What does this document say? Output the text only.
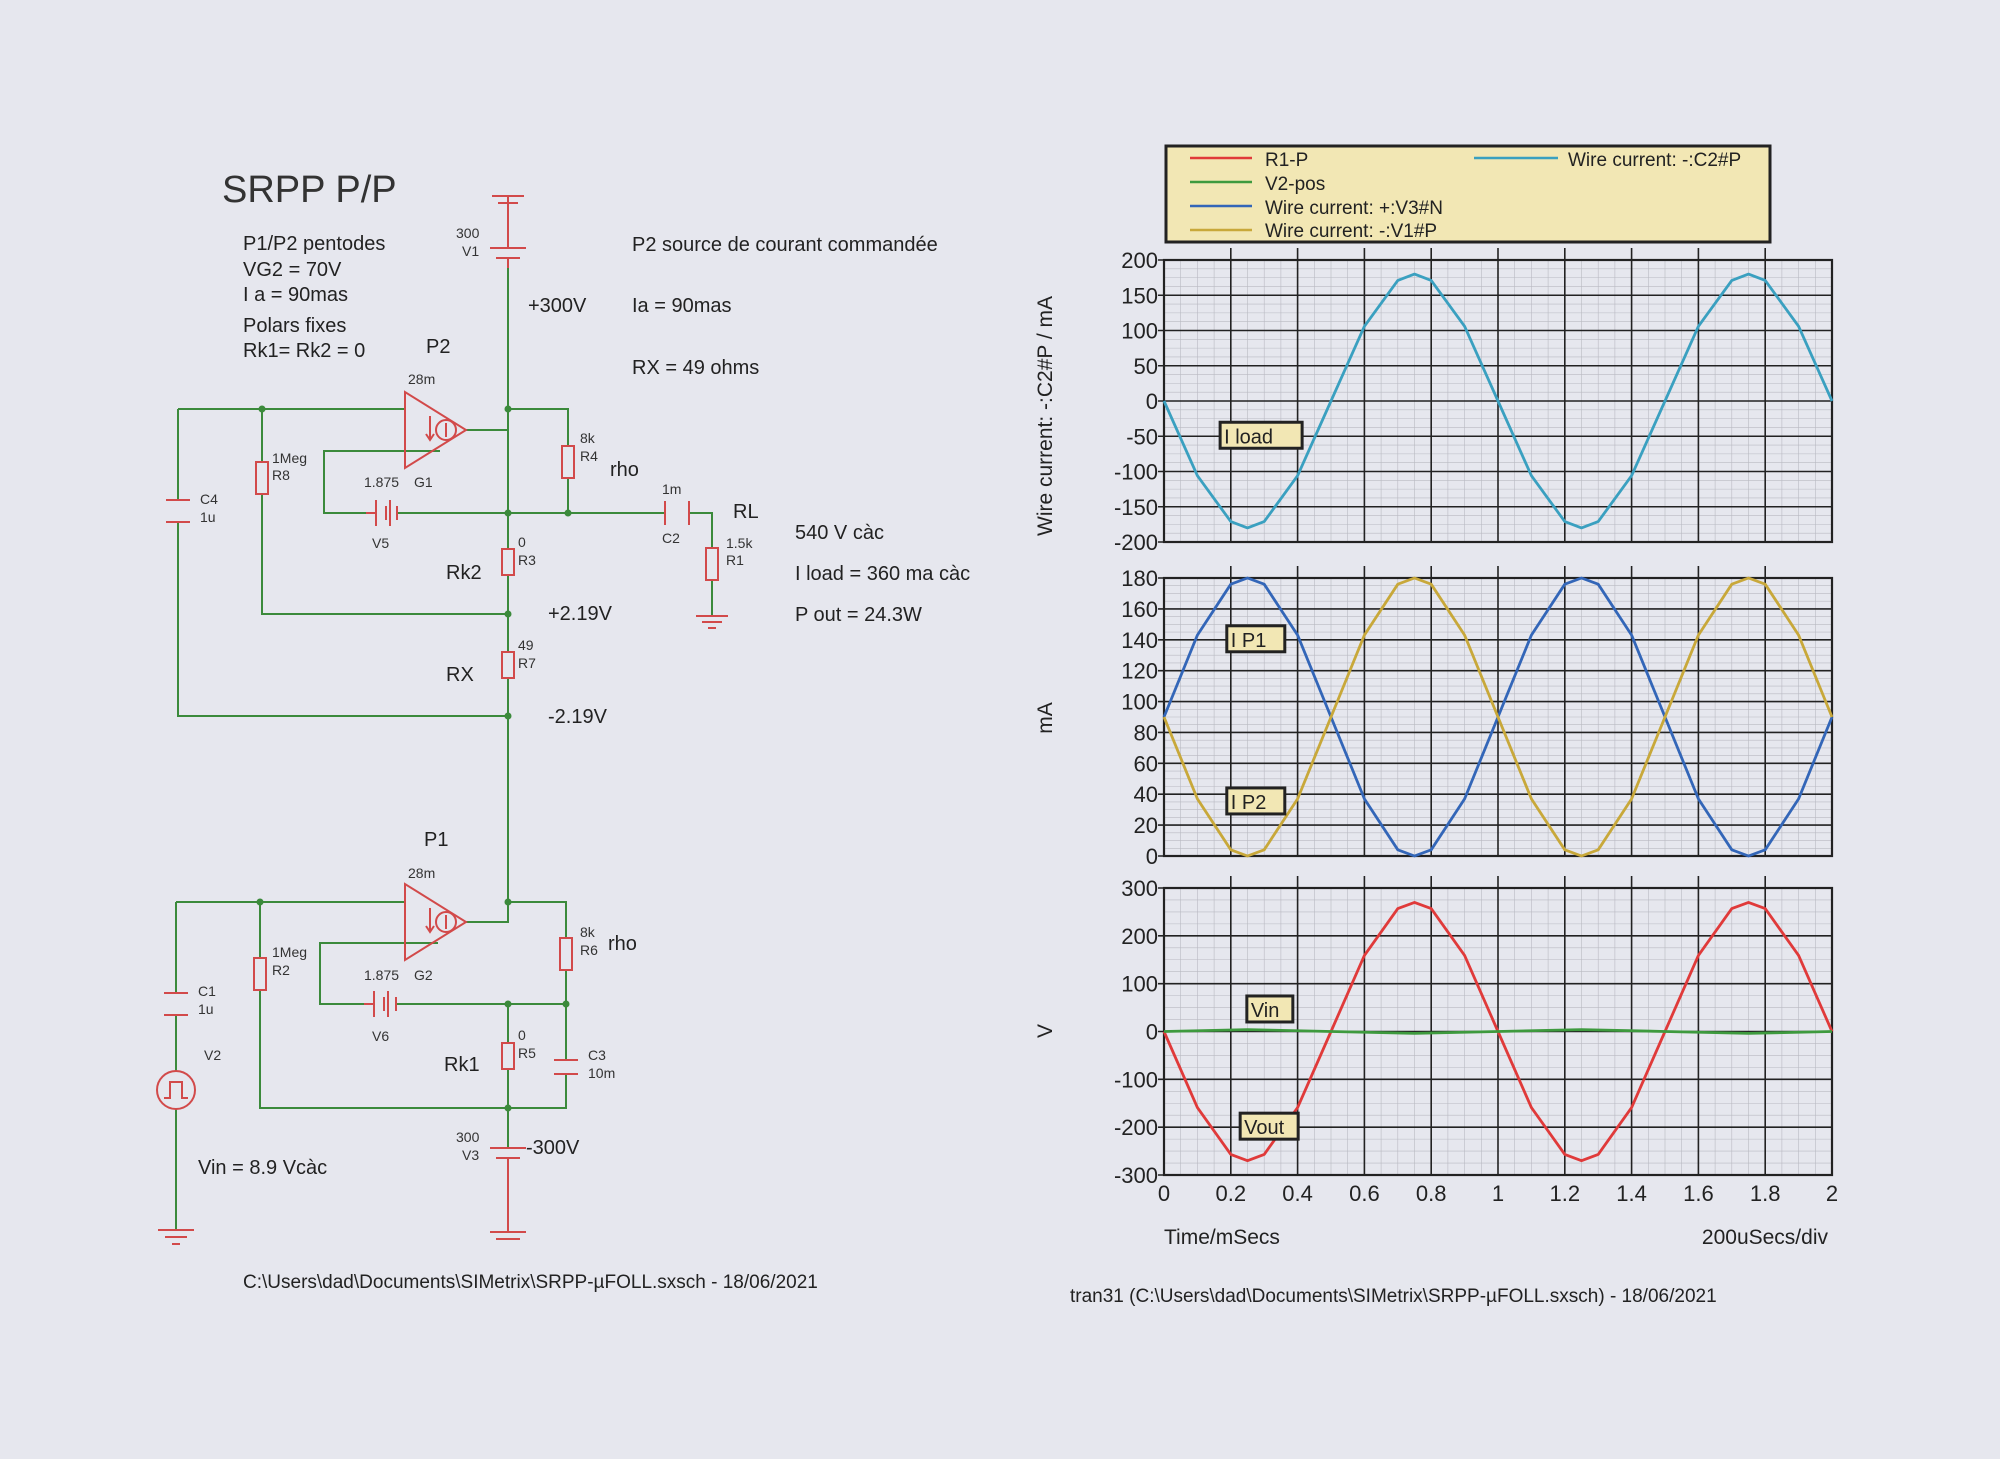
SRPP P/P
P1/P2 pentodes
VG2 = 70V
I a = 90mas
Polars fixes
Rk1= Rk2 = 0
P2 source de courant commandée
Ia = 90mas
RX = 49 ohms
540 V càc
I load = 360 ma càc
P out = 24.3W
+300V
+2.19V
-2.19V
-300V
Vin = 8.9 Vcàc
P2
P1
Rk2
RX
Rk1
rho
rho
RL
C:\Users\dad\Documents\SIMetrix\SRPP-µFOLL.sxsch - 18/06/2021
300
V1
28m
G1
1.875
V5
1Meg
R8
8k
R4
C4
1u
0
R3
1m
C2	1.5k
R1
49
R7
28m
G2
1.875
V6
1Meg
R2
8k
R6
C1
1u
V2
0
R5	C3
10m
300
V3
R1-P
V2-pos
Wire current: +:V3#N
Wire current: -:V1#P
Wire current: -:C2#P
Wire current: -:C2#P / mA
mA
V
Time/mSecs	200uSecs/div
tran31 (C:\Users\dad\Documents\SIMetrix\SRPP-µFOLL.sxsch) - 18/06/2021
200
150
100
50
0
-50
-100
-150
-200
I load
180
160
140
120
100
80
60
40
20
0
I P1
I P2
300
200
100
0
-100
-200
-300
0 0.2 0.4 0.6 0.8 1 1.2 1.4 1.6 1.8 2
Vin
Vout
